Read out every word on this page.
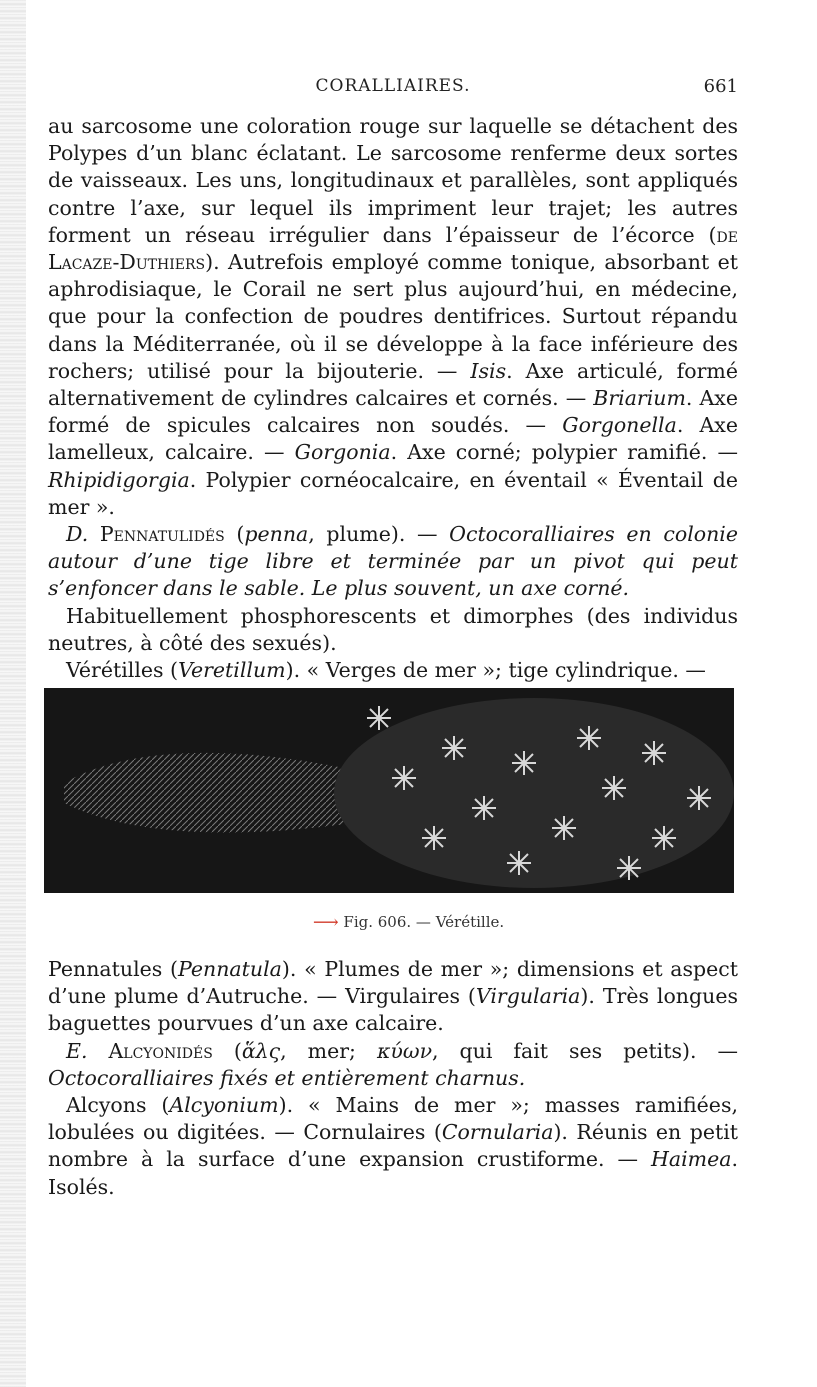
CORALLIAIRES.	661

au sarcosome une coloration rouge sur laquelle se détachent des Polypes d’un blanc éclatant. Le sarcosome renferme deux sortes de vaisseaux. Les uns, longitudinaux et parallèles, sont appliqués contre l’axe, sur lequel ils impriment leur trajet; les autres forment un réseau irrégulier dans l’épaisseur de l’écorce (de Lacaze-Duthiers). Autrefois employé comme tonique, absorbant et aphrodisiaque, le Corail ne sert plus aujourd’hui, en médecine, que pour la confection de poudres dentifrices. Surtout répandu dans la Méditerranée, où il se développe à la face inférieure des rochers; utilisé pour la bijouterie. — Isis. Axe articulé, formé alternativement de cylindres calcaires et cornés. — Briarium. Axe formé de spicules calcaires non soudés. — Gorgonella. Axe lamelleux, calcaire. — Gorgonia. Axe corné; polypier ramifié. — Rhipidigorgia. Polypier cornéocalcaire, en éventail « Éventail de mer ».

D. Pennatulidés (penna, plume). — Octocoralliaires en colonie autour d’une tige libre et terminée par un pivot qui peut s’enfoncer dans le sable. Le plus souvent, un axe corné.

Habituellement phosphorescents et dimorphes (des individus neutres, à côté des sexués).

Vérétilles (Veretillum). « Verges de mer »; tige cylindrique. —

⟶ Fig. 606. — Vérétille.

Pennatules (Pennatula). « Plumes de mer »; dimensions et aspect d’une plume d’Autruche. — Virgulaires (Virgularia). Très longues baguettes pourvues d’un axe calcaire.

E. Alcyonidés (ἅλς, mer; κύων, qui fait ses petits). — Octocoralliaires fixés et entièrement charnus.

Alcyons (Alcyonium). « Mains de mer »; masses ramifiées, lobulées ou digitées. — Cornulaires (Cornularia). Réunis en petit nombre à la surface d’une expansion crustiforme. — Haimea. Isolés.
